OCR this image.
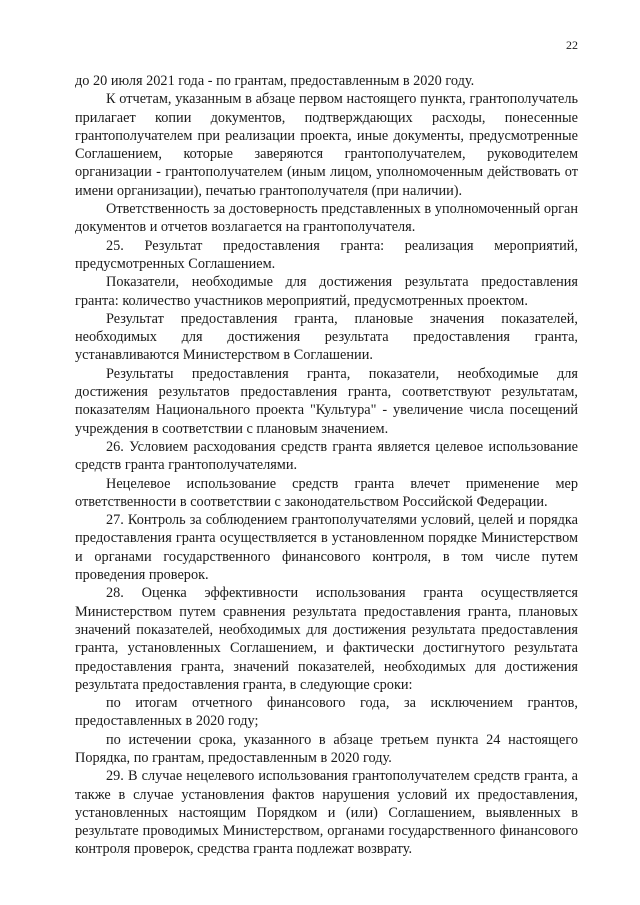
22

до 20 июля 2021 года - по грантам, предоставленным в 2020 году.

К отчетам, указанным в абзаце первом настоящего пункта, грантополучатель прилагает копии документов, подтверждающих расходы, понесенные грантополучателем при реализации проекта, иные документы, предусмотренные Соглашением, которые заверяются грантополучателем, руководителем организации - грантополучателем (иным лицом, уполномоченным действовать от имени организации), печатью грантополучателя (при наличии).

Ответственность за достоверность представленных в уполномоченный орган документов и отчетов возлагается на грантополучателя.

25. Результат предоставления гранта: реализация мероприятий, предусмотренных Соглашением.

Показатели, необходимые для достижения результата предоставления гранта: количество участников мероприятий, предусмотренных проектом.

Результат предоставления гранта, плановые значения показателей, необходимых для достижения результата предоставления гранта, устанавливаются Министерством в Соглашении.

Результаты предоставления гранта, показатели, необходимые для достижения результатов предоставления гранта, соответствуют результатам, показателям Национального проекта "Культура" - увеличение числа посещений учреждения в соответствии с плановым значением.

26. Условием расходования средств гранта является целевое использование средств гранта грантополучателями.

Нецелевое использование средств гранта влечет применение мер ответственности в соответствии с законодательством Российской Федерации.

27. Контроль за соблюдением грантополучателями условий, целей и порядка предоставления гранта осуществляется в установленном порядке Министерством и органами государственного финансового контроля, в том числе путем проведения проверок.

28. Оценка эффективности использования гранта осуществляется Министерством путем сравнения результата предоставления гранта, плановых значений показателей, необходимых для достижения результата предоставления гранта, установленных Соглашением, и фактически достигнутого результата предоставления гранта, значений показателей, необходимых для достижения результата предоставления гранта, в следующие сроки:

по итогам отчетного финансового года, за исключением грантов, предоставленных в 2020 году;

по истечении срока, указанного в абзаце третьем пункта 24 настоящего Порядка, по грантам, предоставленным в 2020 году.

29. В случае нецелевого использования грантополучателем средств гранта, а также в случае установления фактов нарушения условий их предоставления, установленных настоящим Порядком и (или) Соглашением, выявленных в результате проводимых Министерством, органами государственного финансового контроля проверок, средства гранта подлежат возврату.
